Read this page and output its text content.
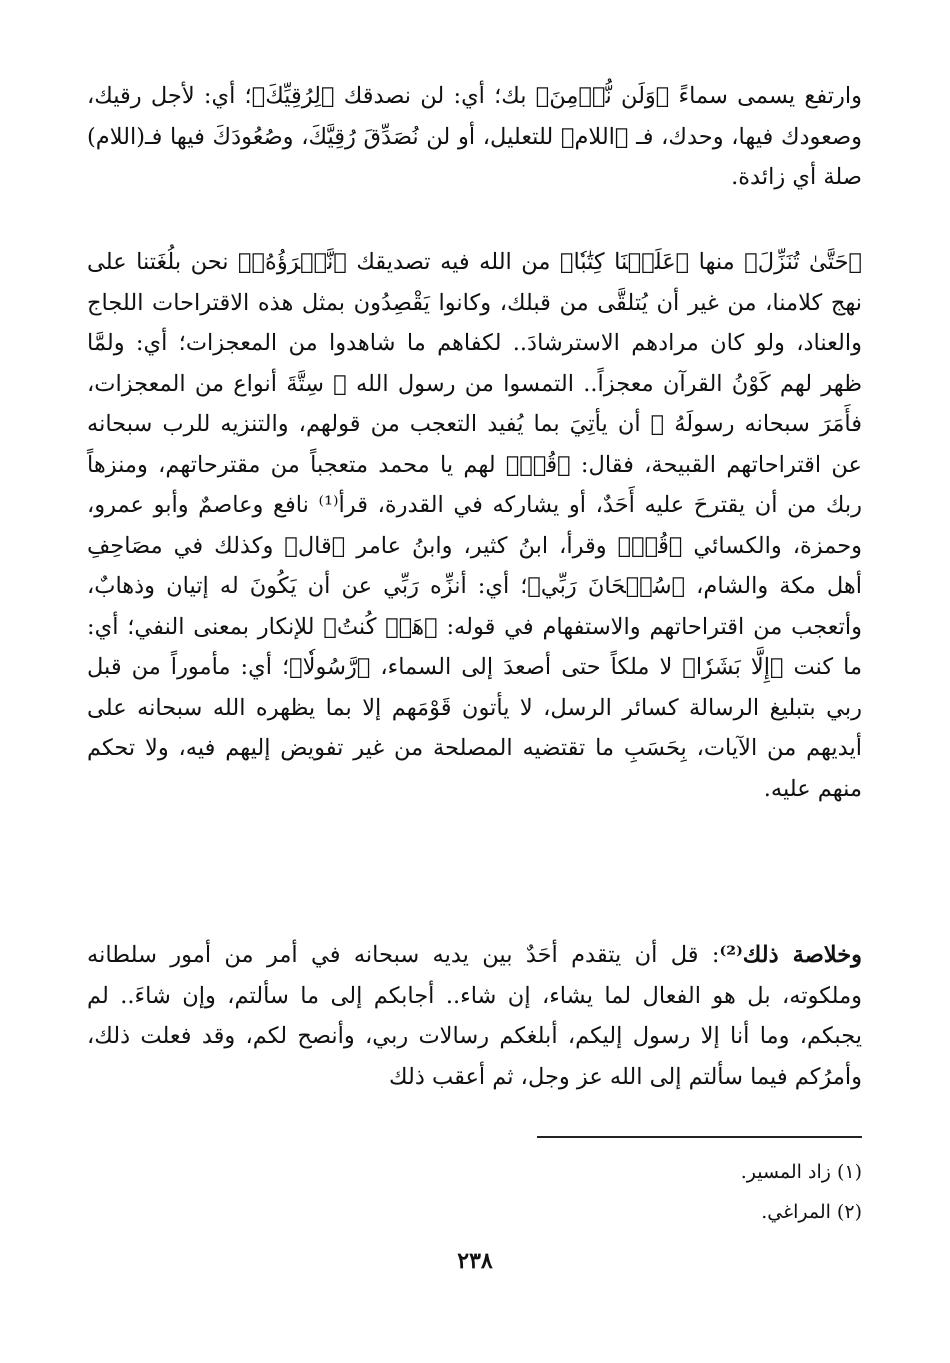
وارتفع يسمى سماءً ﴿وَلَن نُّؤۡمِنَ﴾ بك؛ أي: لن نصدقك ﴿لِرُقِيِّكَ﴾؛ أي: لأجل رقيك، وصعودك فيها، وحدك، فـ ﴿اللام﴾ للتعليل، أو لن نُصَدِّقَ رُقِيَّكَ، وصُعُودَكَ فيها فـ(اللام) صلة أي زائدة.

﴿حَتَّىٰ تُنَزِّلَ﴾ منها ﴿عَلَيۡنَا كِتَٰبٗا﴾ من الله فيه تصديقك ﴿نَّقۡرَؤُهُۥ﴾ نحن بلُغَتنا على نهج كلامنا، من غير أن يُتلقَّى من قبلك، وكانوا يَقْصِدُون بمثل هذه الاقتراحات اللجاج والعناد، ولو كان مرادهم الاسترشادَ.. لكفاهم ما شاهدوا من المعجزات؛ أي: ولمَّا ظهر لهم كَوْنُ القرآن معجزاً.. التمسوا من رسول الله ﷺ سِتَّةَ أنواع من المعجزات، فأَمَرَ سبحانه رسولَهُ ﷺ أن يأتِيَ بما يُفيد التعجب من قولهم، والتنزيه للرب سبحانه عن اقتراحاتهم القبيحة، فقال: ﴿قُلۡ﴾ لهم يا محمد متعجباً من مقترحاتهم، ومنزهاً ربك من أن يقترحَ عليه أَحَدٌ، أو يشاركه في القدرة، قرأ⁽¹⁾ نافع وعاصمٌ وأبو عمرو، وحمزة، والكسائي ﴿قُلۡ﴾ وقرأ، ابنُ كثير، وابنُ عامر ﴿قال﴾ وكذلك في مصَاحِفِ أهل مكة والشام، ﴿سُبۡحَانَ رَبِّي﴾؛ أي: أنزِّه رَبِّي عن أن يَكُونَ له إتيان وذهابٌ، وأتعجب من اقتراحاتهم والاستفهام في قوله: ﴿هَلۡ كُنتُ﴾ للإنكار بمعنى النفي؛ أي: ما كنت ﴿إِلَّا بَشَرٗا﴾ لا ملكاً حتى أصعدَ إلى السماء، ﴿رَّسُولٗا﴾؛ أي: مأموراً من قبل ربي بتبليغ الرسالة كسائر الرسل، لا يأتون قَوْمَهم إلا بما يظهره الله سبحانه على أيديهم من الآيات، بِحَسَبِ ما تقتضيه المصلحة من غير تفويض إليهم فيه، ولا تحكم منهم عليه.

وخلاصة ذلك⁽²⁾: قل أن يتقدم أحَدٌ بين يديه سبحانه في أمر من أمور سلطانه وملكوته، بل هو الفعال لما يشاء، إن شاء.. أجابكم إلى ما سألتم، وإن شاءَ.. لم يجبكم، وما أنا إلا رسول إليكم، أبلغكم رسالات ربي، وأنصح لكم، وقد فعلت ذلك، وأمرُكم فيما سألتم إلى الله عز وجل، ثم أعقب ذلك

(١) زاد المسير.
(٢) المراغي.
٢٣٨
